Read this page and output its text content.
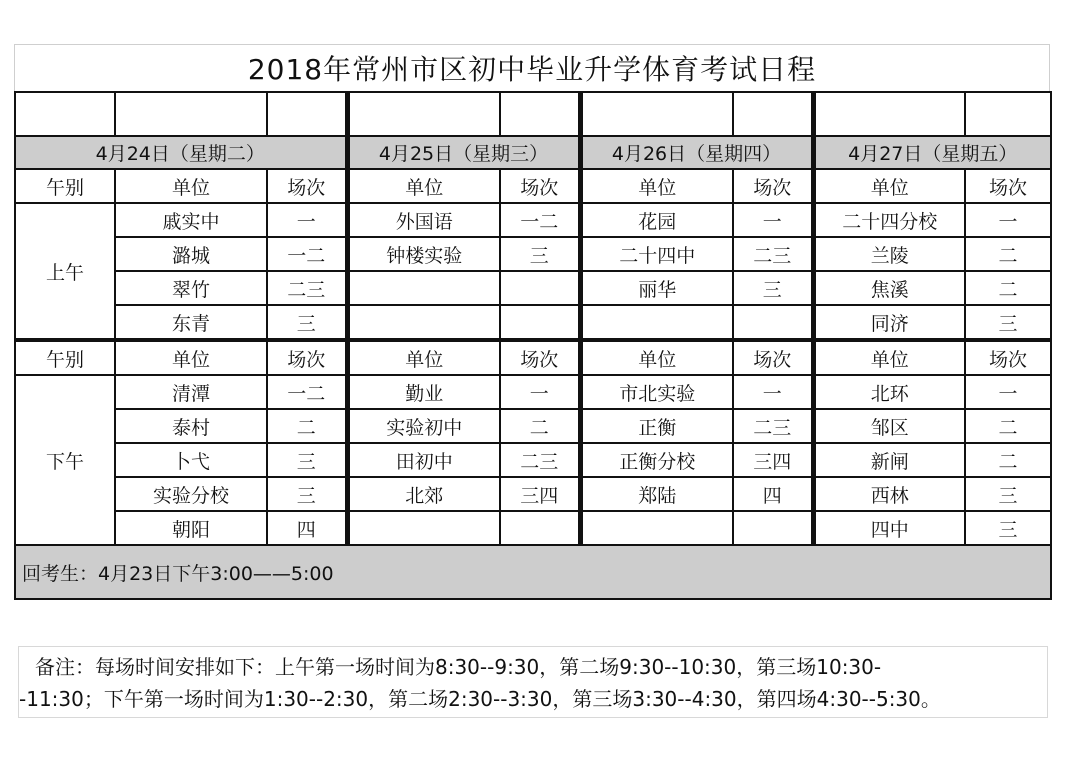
2018年常州市区初中毕业升学体育考试日程

4月24日（星期二）			4月25日（星期三）		4月26日（星期四）		4月27日（星期五）	
午别	单位	场次	单位	场次	单位	场次	单位	场次
上午	戚实中	一	外国语	一二	花园	一	二十四分校	一
	潞城	一二	钟楼实验	三	二十四中	二三	兰陵	二
	翠竹	二三			丽华	三	焦溪	二
	东青	三					同济	三
午别	单位	场次	单位	场次	单位	场次	单位	场次
下午	清潭	一二	勤业	一	市北实验	一	北环	一
	泰村	二	实验初中	二	正衡	二三	邹区	二
	卜弋	三	田初中	二三	正衡分校	三四	新闸	二
	实验分校	三	北郊	三四	郑陆	四	西林	三
	朝阳	四					四中	三
回考生：4月23日下午3:00——5:00								
备注：每场时间安排如下：上午第一场时间为8:30--9:30，第二场9:30--10:30，第三场10:30-
-11:30；下午第一场时间为1:30--2:30，第二场2:30--3:30，第三场3:30--4:30，第四场4:30--5:30。
